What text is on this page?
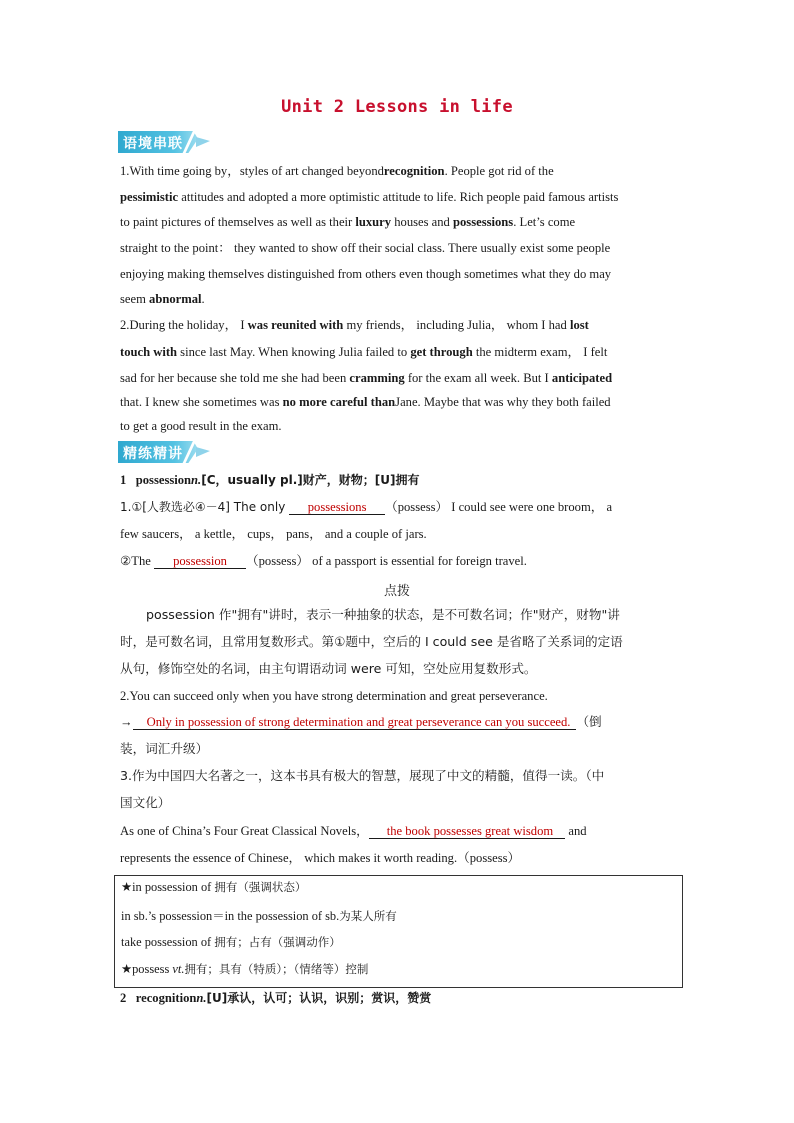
Unit 2 Lessons in life
语境串联
1.With time going by，styles of art changed beyondrecognition. People got rid of the
pessimistic attitudes and adopted a more optimistic attitude to life. Rich people paid famous artists
to paint pictures of themselves as well as their luxury houses and possessions. Let’s come
straight to the point： they wanted to show off their social class. There usually exist some people
enjoying making themselves distinguished from others even though sometimes what they do may
seem abnormal.
2.During the holiday， I was reunited with my friends， including Julia， whom I had lost
touch with since last May. When knowing Julia failed to get through the midterm exam， I felt
sad for her because she told me she had been cramming for the exam all week. But I anticipated
that. I knew she sometimes was no more careful thanJane. Maybe that was why they both failed
to get a good result in the exam.
精练精讲
1 possessionn.[C，usually pl.]财产，财物；[U]拥有
1.①[人教选必④－4] The only possessions （possess） I could see were one broom， a
few saucers， a kettle， cups， pans， and a couple of jars.
②The possession （possess） of a passport is essential for foreign travel.
点拨
possession 作"拥有"讲时，表示一种抽象的状态，是不可数名词；作"财产，财物"讲
时，是可数名词，且常用复数形式。第①题中，空后的 I could see 是省略了关系词的定语
从句，修饰空处的名词，由主句谓语动词 were 可知，空处应用复数形式。
2.You can succeed only when you have strong determination and great perseverance.
→ Only in possession of strong determination and great perseverance can you succeed. （倒
装，词汇升级）
3.作为中国四大名著之一，这本书具有极大的智慧，展现了中文的精髓，值得一读。（中
国文化）
As one of China’s Four Great Classical Novels， the book possesses great wisdom and
represents the essence of Chinese， which makes it worth reading.（possess）
★in possession of 拥有（强调状态）
in sb.’s possession＝in the possession of sb.为某人所有
take possession of 拥有；占有（强调动作）
★possess vt.拥有；具有（特质）；（情绪等）控制
2 recognitionn.[U]承认，认可；认识，识别；赏识，赞赏
